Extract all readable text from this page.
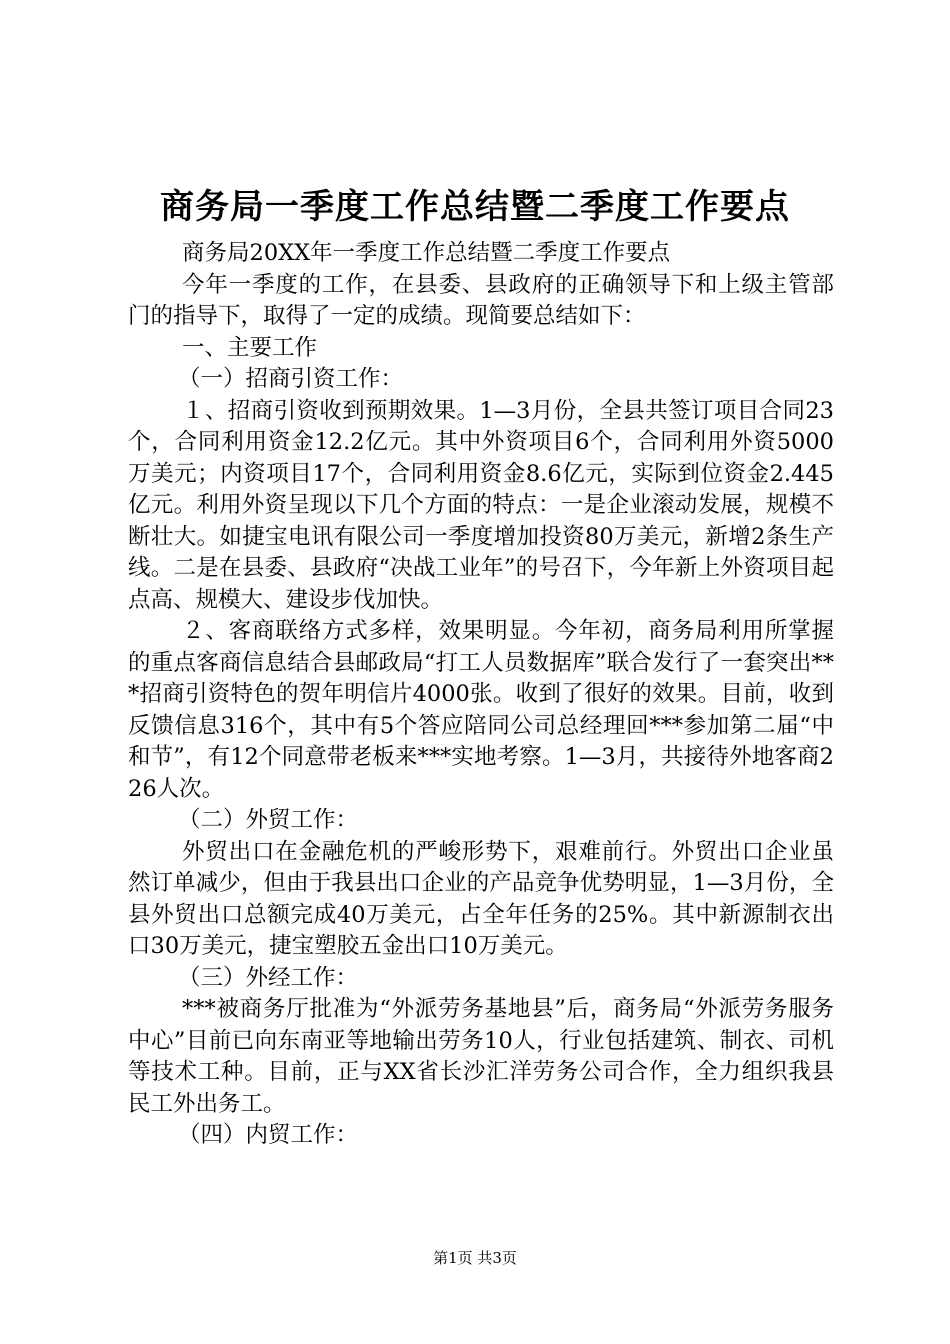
商务局一季度工作总结暨二季度工作要点

商务局20XX年一季度工作总结暨二季度工作要点

今年一季度的工作，在县委、县政府的正确领导下和上级主管部门的指导下，取得了一定的成绩。现简要总结如下：

一、主要工作

（一）招商引资工作：

１、招商引资收到预期效果。1—3月份，全县共签订项目合同23个，合同利用资金12.2亿元。其中外资项目6个，合同利用外资5000万美元；内资项目17个，合同利用资金8.6亿元，实际到位资金2.445亿元。利用外资呈现以下几个方面的特点：一是企业滚动发展，规模不断壮大。如捷宝电讯有限公司一季度增加投资80万美元，新增2条生产线。二是在县委、县政府“决战工业年”的号召下，今年新上外资项目起点高、规模大、建设步伐加快。

２、客商联络方式多样，效果明显。今年初，商务局利用所掌握的重点客商信息结合县邮政局“打工人员数据库”联合发行了一套突出***招商引资特色的贺年明信片4000张。收到了很好的效果。目前，收到反馈信息316个，其中有5个答应陪同公司总经理回***参加第二届“中和节”，有12个同意带老板来***实地考察。1—3月，共接待外地客商226人次。

（二）外贸工作：

外贸出口在金融危机的严峻形势下，艰难前行。外贸出口企业虽然订单减少，但由于我县出口企业的产品竞争优势明显，1—3月份，全县外贸出口总额完成40万美元，占全年任务的25%。其中新源制衣出口30万美元，捷宝塑胶五金出口10万美元。

（三）外经工作：

***被商务厅批准为“外派劳务基地县”后，商务局“外派劳务服务中心”目前已向东南亚等地输出劳务10人，行业包括建筑、制衣、司机等技术工种。目前，正与XX省长沙汇洋劳务公司合作，全力组织我县民工外出务工。

（四）内贸工作：

第1页 共3页
